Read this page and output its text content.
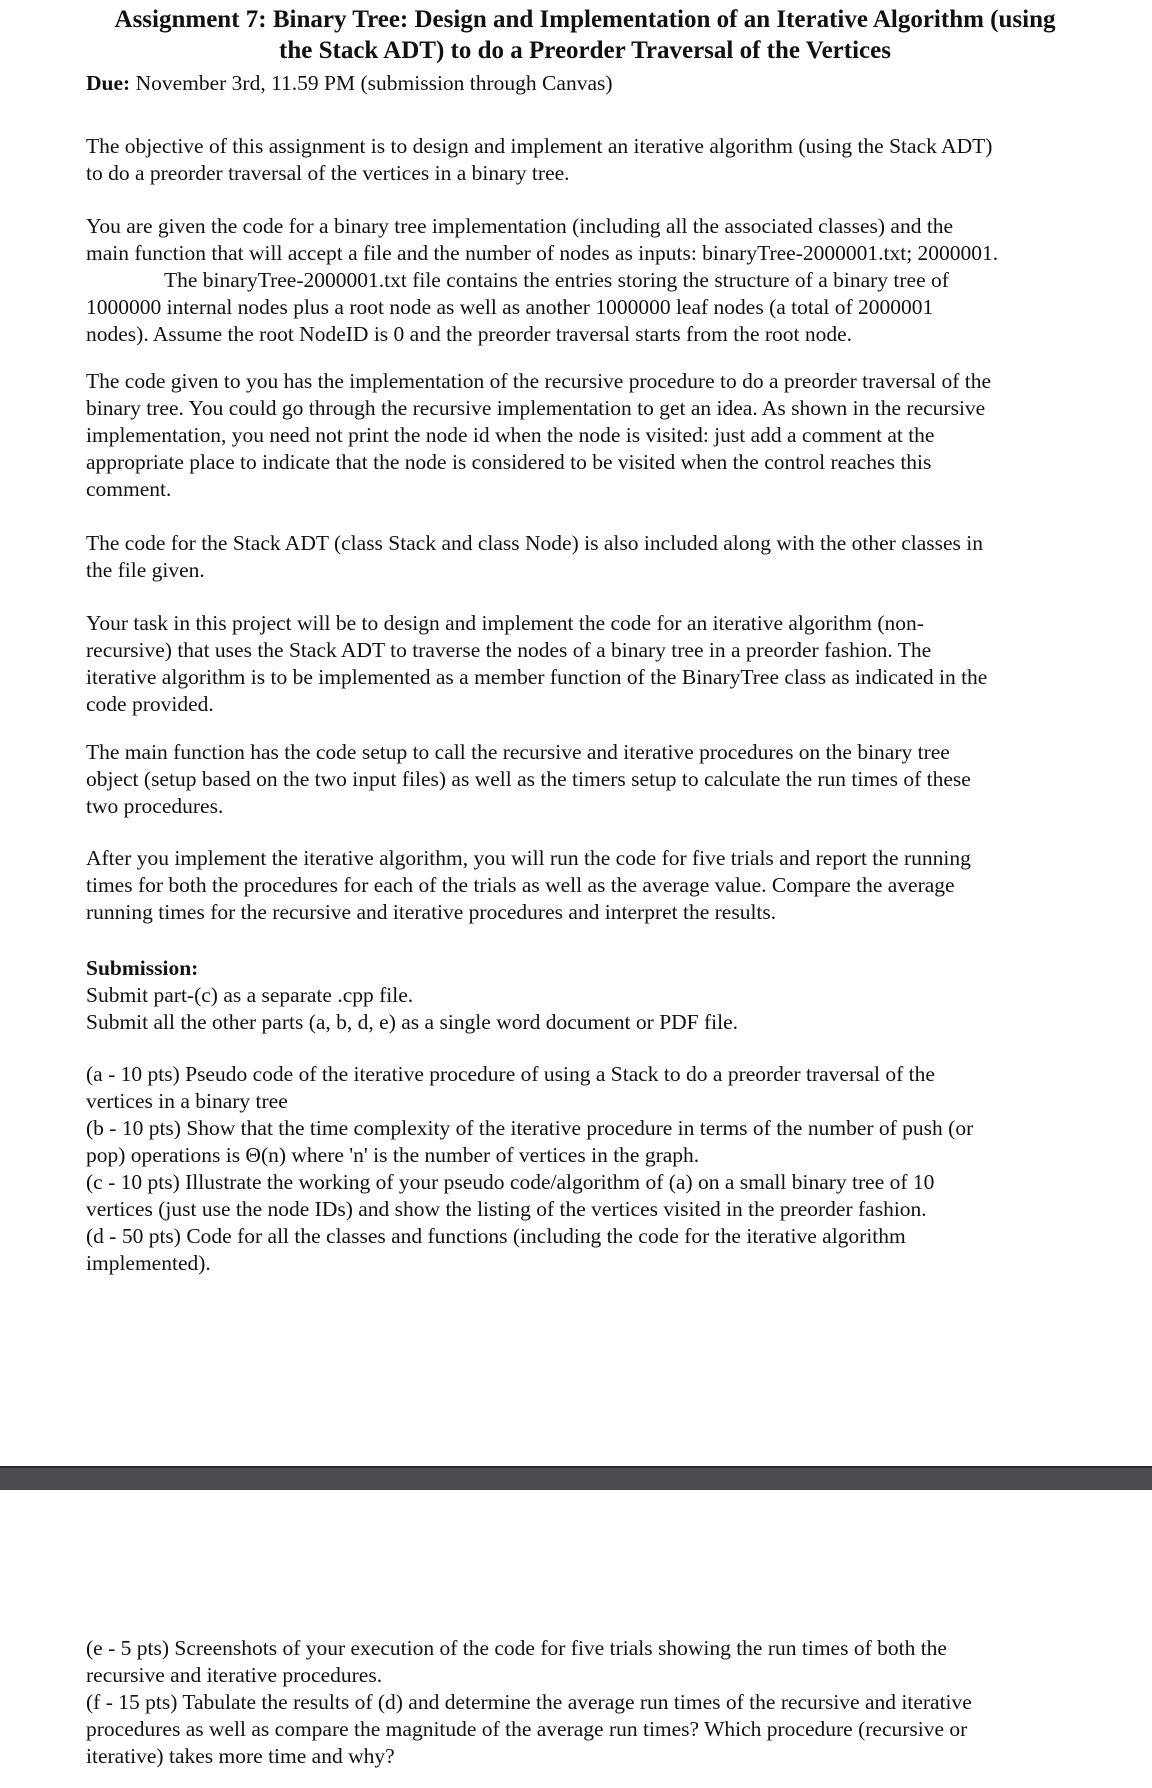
Assignment 7: Binary Tree: Design and Implementation of an Iterative Algorithm (using
the Stack ADT) to do a Preorder Traversal of the Vertices

Due: November 3rd, 11.59 PM (submission through Canvas)

The objective of this assignment is to design and implement an iterative algorithm (using the Stack ADT)
to do a preorder traversal of the vertices in a binary tree.

You are given the code for a binary tree implementation (including all the associated classes) and the
main function that will accept a file and the number of nodes as inputs: binaryTree-2000001.txt; 2000001.
The binaryTree-2000001.txt file contains the entries storing the structure of a binary tree of
1000000 internal nodes plus a root node as well as another 1000000 leaf nodes (a total of 2000001
nodes). Assume the root NodeID is 0 and the preorder traversal starts from the root node.

The code given to you has the implementation of the recursive procedure to do a preorder traversal of the
binary tree. You could go through the recursive implementation to get an idea. As shown in the recursive
implementation, you need not print the node id when the node is visited: just add a comment at the
appropriate place to indicate that the node is considered to be visited when the control reaches this
comment.

The code for the Stack ADT (class Stack and class Node) is also included along with the other classes in
the file given.

Your task in this project will be to design and implement the code for an iterative algorithm (non-
recursive) that uses the Stack ADT to traverse the nodes of a binary tree in a preorder fashion. The
iterative algorithm is to be implemented as a member function of the BinaryTree class as indicated in the
code provided.

The main function has the code setup to call the recursive and iterative procedures on the binary tree
object (setup based on the two input files) as well as the timers setup to calculate the run times of these
two procedures.

After you implement the iterative algorithm, you will run the code for five trials and report the running
times for both the procedures for each of the trials as well as the average value. Compare the average
running times for the recursive and iterative procedures and interpret the results.

Submission:
Submit part-(c) as a separate .cpp file.
Submit all the other parts (a, b, d, e) as a single word document or PDF file.

(a - 10 pts) Pseudo code of the iterative procedure of using a Stack to do a preorder traversal of the
vertices in a binary tree
(b - 10 pts) Show that the time complexity of the iterative procedure in terms of the number of push (or
pop) operations is Θ(n) where 'n' is the number of vertices in the graph.
(c - 10 pts) Illustrate the working of your pseudo code/algorithm of (a) on a small binary tree of 10
vertices (just use the node IDs) and show the listing of the vertices visited in the preorder fashion.
(d - 50 pts) Code for all the classes and functions (including the code for the iterative algorithm
implemented).

(e - 5 pts) Screenshots of your execution of the code for five trials showing the run times of both the
recursive and iterative procedures.
(f - 15 pts) Tabulate the results of (d) and determine the average run times of the recursive and iterative
procedures as well as compare the magnitude of the average run times? Which procedure (recursive or
iterative) takes more time and why?
